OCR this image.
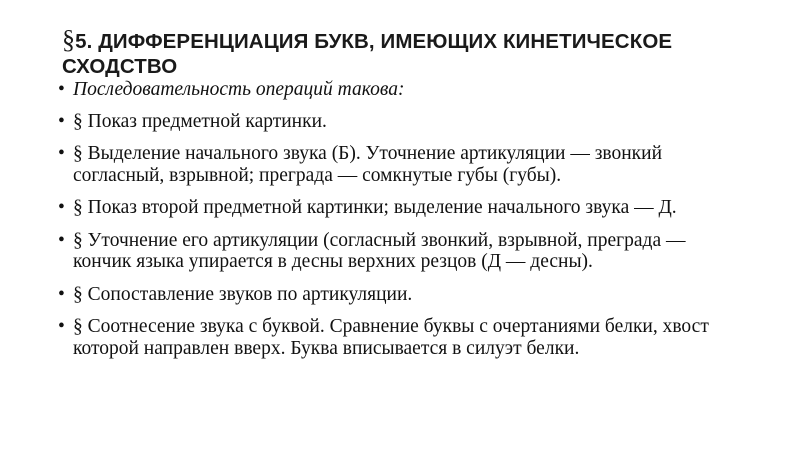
§5. ДИФФЕРЕНЦИАЦИЯ БУКВ, ИМЕЮЩИХ КИНЕТИЧЕСКОЕ СХОДСТВО
• Последовательность операций такова:
• § Показ предметной картинки.
• § Выделение начального звука (Б). Уточнение артикуляции — звонкий согласный, взрывной; преграда — сомкнутые губы (губы).
• § Показ второй предметной картинки; выделение начального звука — Д.
• § Уточнение его артикуляции (согласный звонкий, взрывной, преграда — кончик языка упирается в десны верхних резцов (Д — десны).
• § Сопоставление звуков по артикуляции.
• § Соотнесение звука с буквой. Сравнение буквы с очертаниями белки, хвост которой направлен вверх. Буква вписывается в силуэт белки.
